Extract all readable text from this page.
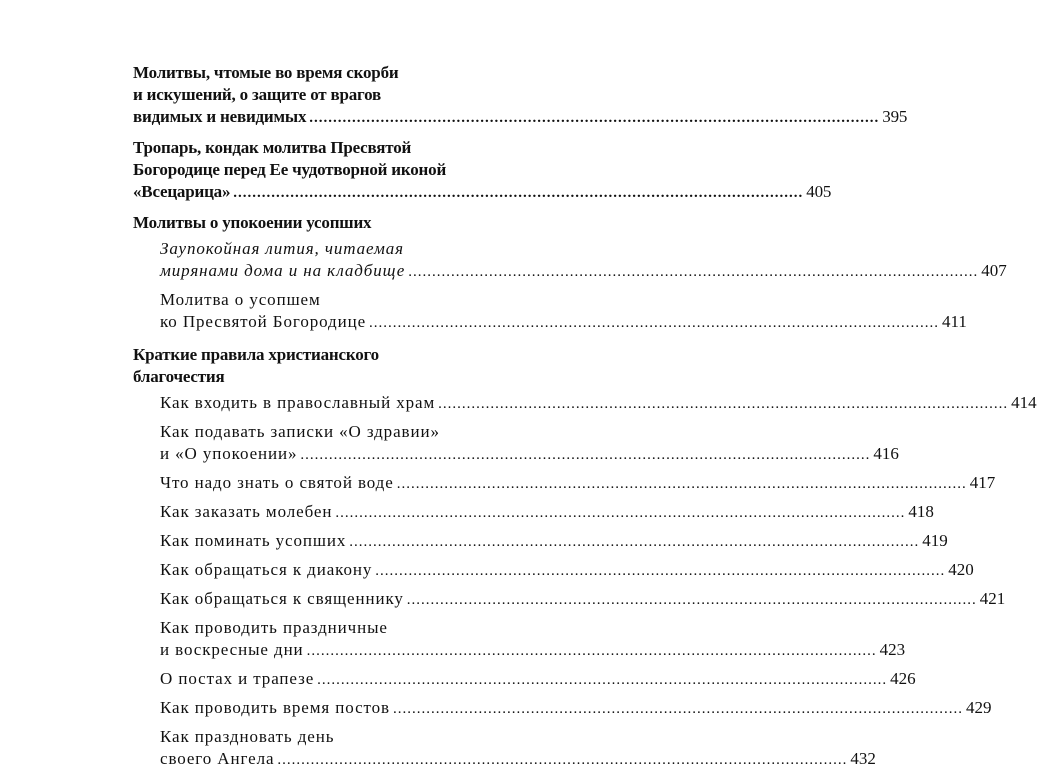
Молитвы, чтомые во время скорби
и искушений, о защите от врагов
видимых и невидимых ........................................................................................................................ 395
Тропарь, кондак молитва Пресвятой
Богородице перед Ее чудотворной иконой
«Всецарица» ........................................................................................................................ 405
Молитвы о упокоении усопших
Заупокойная лития, читаемая
мирянами дома и на кладбище ........................................................................................................................ 407
Молитва о усопшем
ко Пресвятой Богородице ........................................................................................................................ 411
Краткие правила христианского
благочестия
Как входить в православный храм ........................................................................................................................ 414
Как подавать записки «О здравии»
и «О упокоении» ........................................................................................................................ 416
Что надо знать о святой воде ........................................................................................................................ 417
Как заказать молебен ........................................................................................................................ 418
Как поминать усопших ........................................................................................................................ 419
Как обращаться к диакону ........................................................................................................................ 420
Как обращаться к священнику ........................................................................................................................ 421
Как проводить праздничные
и воскресные дни ........................................................................................................................ 423
О постах и трапезе ........................................................................................................................ 426
Как проводить время постов ........................................................................................................................ 429
Как праздновать день
своего Ангела ........................................................................................................................ 432
